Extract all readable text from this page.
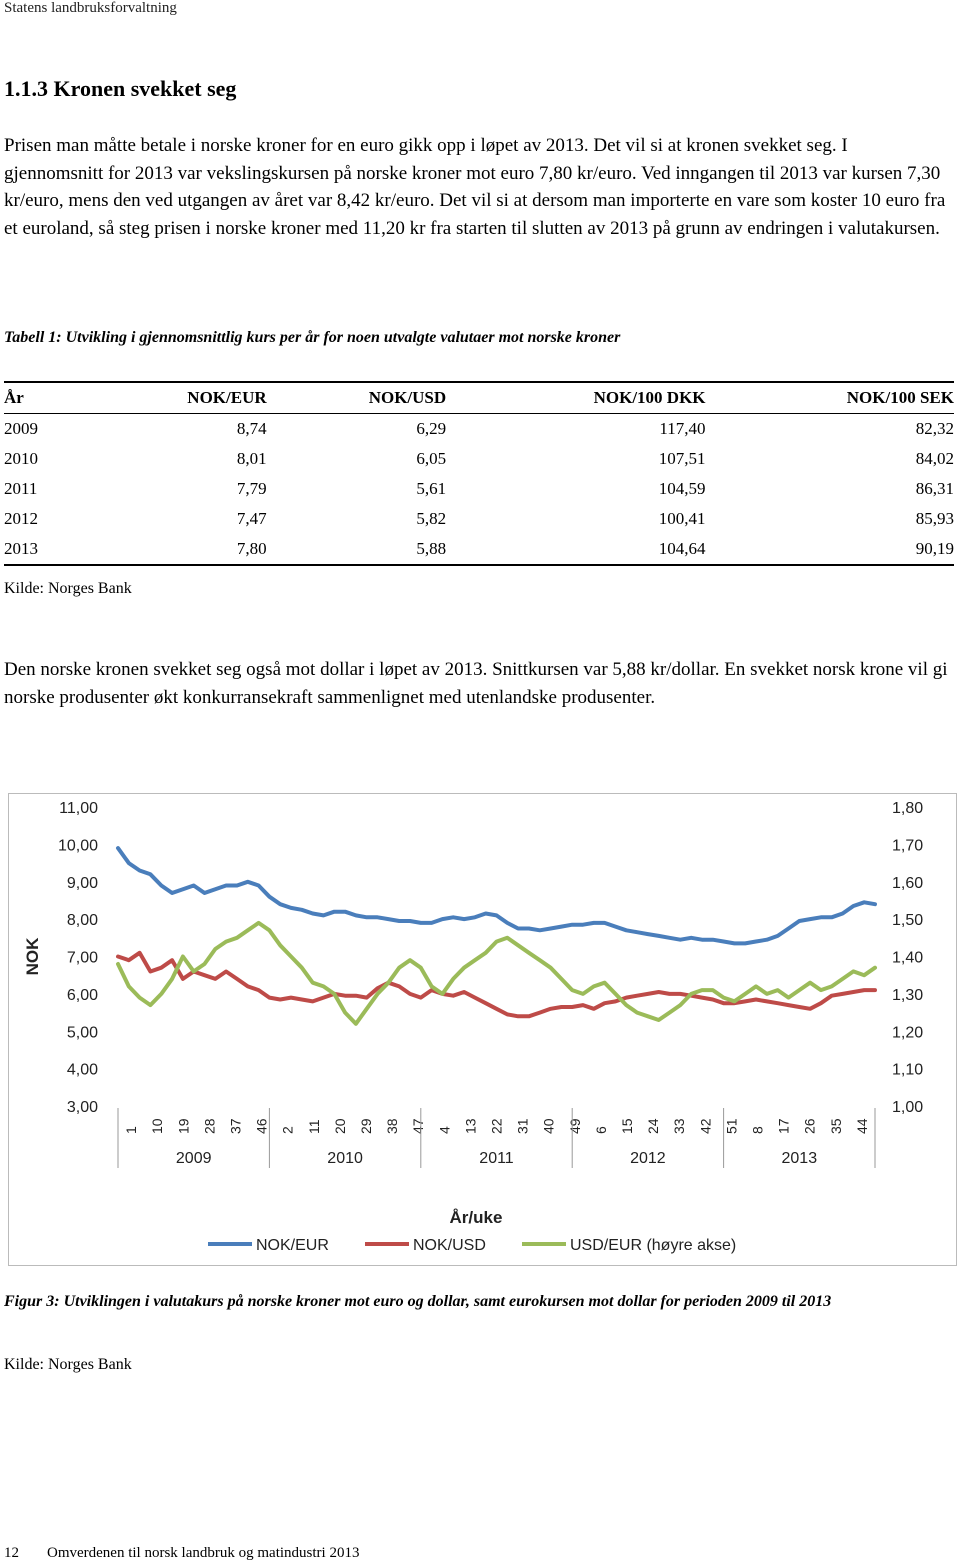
Statens landbruksforvaltning
1.1.3 Kronen svekket seg

Prisen man måtte betale i norske kroner for en euro gikk opp i løpet av 2013. Det vil si at kronen svekket seg. I gjennomsnitt for 2013 var vekslingskursen på norske kroner mot euro 7,80 kr/euro. Ved inngangen til 2013 var kursen 7,30 kr/euro, mens den ved utgangen av året var 8,42 kr/euro. Det vil si at dersom man importerte en vare som koster 10 euro fra et euroland, så steg prisen i norske kroner med 11,20 kr fra starten til slutten av 2013 på grunn av endringen i valutakursen.

Tabell 1: Utvikling i gjennomsnittlig kurs per år for noen utvalgte valutaer mot norske kroner
År	NOK/EUR	NOK/USD	NOK/100 DKK	NOK/100 SEK
2009	8,74	6,29	117,40	82,32
2010	8,01	6,05	107,51	84,02
2011	7,79	5,61	104,59	86,31
2012	7,47	5,82	100,41	85,93
2013	7,80	5,88	104,64	90,19
Kilde: Norges Bank

Den norske kronen svekket seg også mot dollar i løpet av 2013. Snittkursen var 5,88 kr/dollar. En svekket norsk krone vil gi norske produsenter økt konkurransekraft sammenlignet med utenlandske produsenter.

3,00
4,00
5,00
6,00
7,00
8,00
9,00
10,00
11,00
1,00
1,10
1,20
1,30
1,40
1,50
1,60
1,70
1,80
NOK
1 10 19 28 37 46 2 11 20 29 38 47 4 13 22 31 40 49 6 15 24 33 42 51 8 17 26 35 44
2009	2010	2011	2012	2013
År/uke
NOK/EUR	NOK/USD	USD/EUR (høyre akse)

Figur 3: Utviklingen i valutakurs på norske kroner mot euro og dollar, samt eurokursen mot dollar for perioden 2009 til 2013

Kilde: Norges Bank
12 Omverdenen til norsk landbruk og matindustri 2013
